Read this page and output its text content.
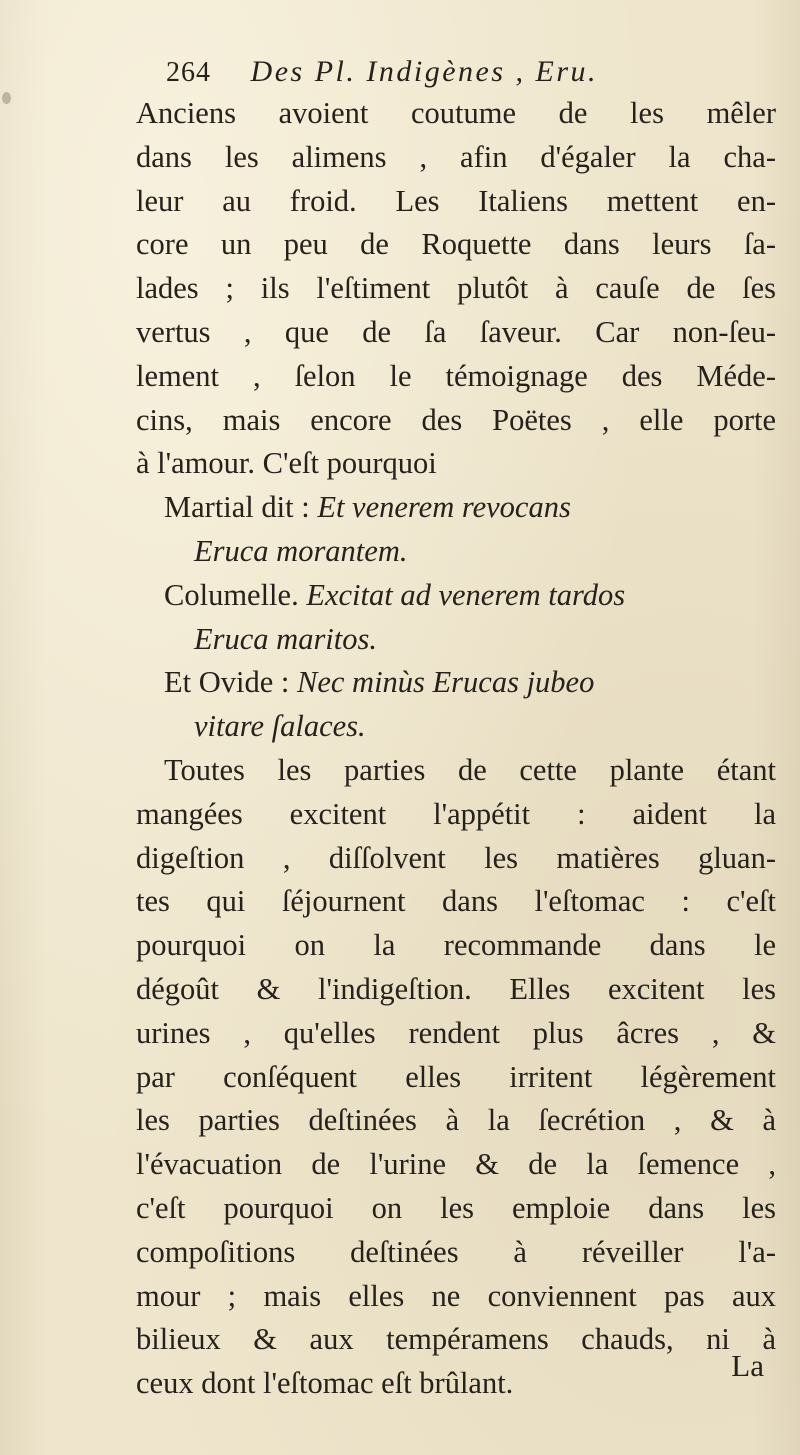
264 Des Pl. Indigènes , Eru.
Anciens avoient coutume de les mêler
dans les alimens , afin d'égaler la cha-
leur au froid. Les Italiens mettent en-
core un peu de Roquette dans leurs ſa-
lades ; ils l'eſtiment plutôt à cauſe de ſes
vertus , que de ſa ſaveur. Car non-ſeu-
lement , ſelon le témoignage des Méde-
cins, mais encore des Poëtes , elle porte
à l'amour. C'eſt pourquoi
Martial dit : Et venerem revocans
Eruca morantem.
Columelle. Excitat ad venerem tardos
Eruca maritos.
Et Ovide : Nec minùs Erucas jubeo
vitare ſalaces.
Toutes les parties de cette plante étant
mangées excitent l'appétit : aident la
digeſtion , diſſolvent les matières gluan-
tes qui ſéjournent dans l'eſtomac : c'eſt
pourquoi on la recommande dans le
dégoût & l'indigeſtion. Elles excitent les
urines , qu'elles rendent plus âcres , &
par conſéquent elles irritent légèrement
les parties deſtinées à la ſecrétion , & à
l'évacuation de l'urine & de la ſemence ,
c'eſt pourquoi on les emploie dans les
compoſitions deſtinées à réveiller l'a-
mour ; mais elles ne conviennent pas aux
bilieux & aux tempéramens chauds, ni à
ceux dont l'eſtomac eſt brûlant.
La
